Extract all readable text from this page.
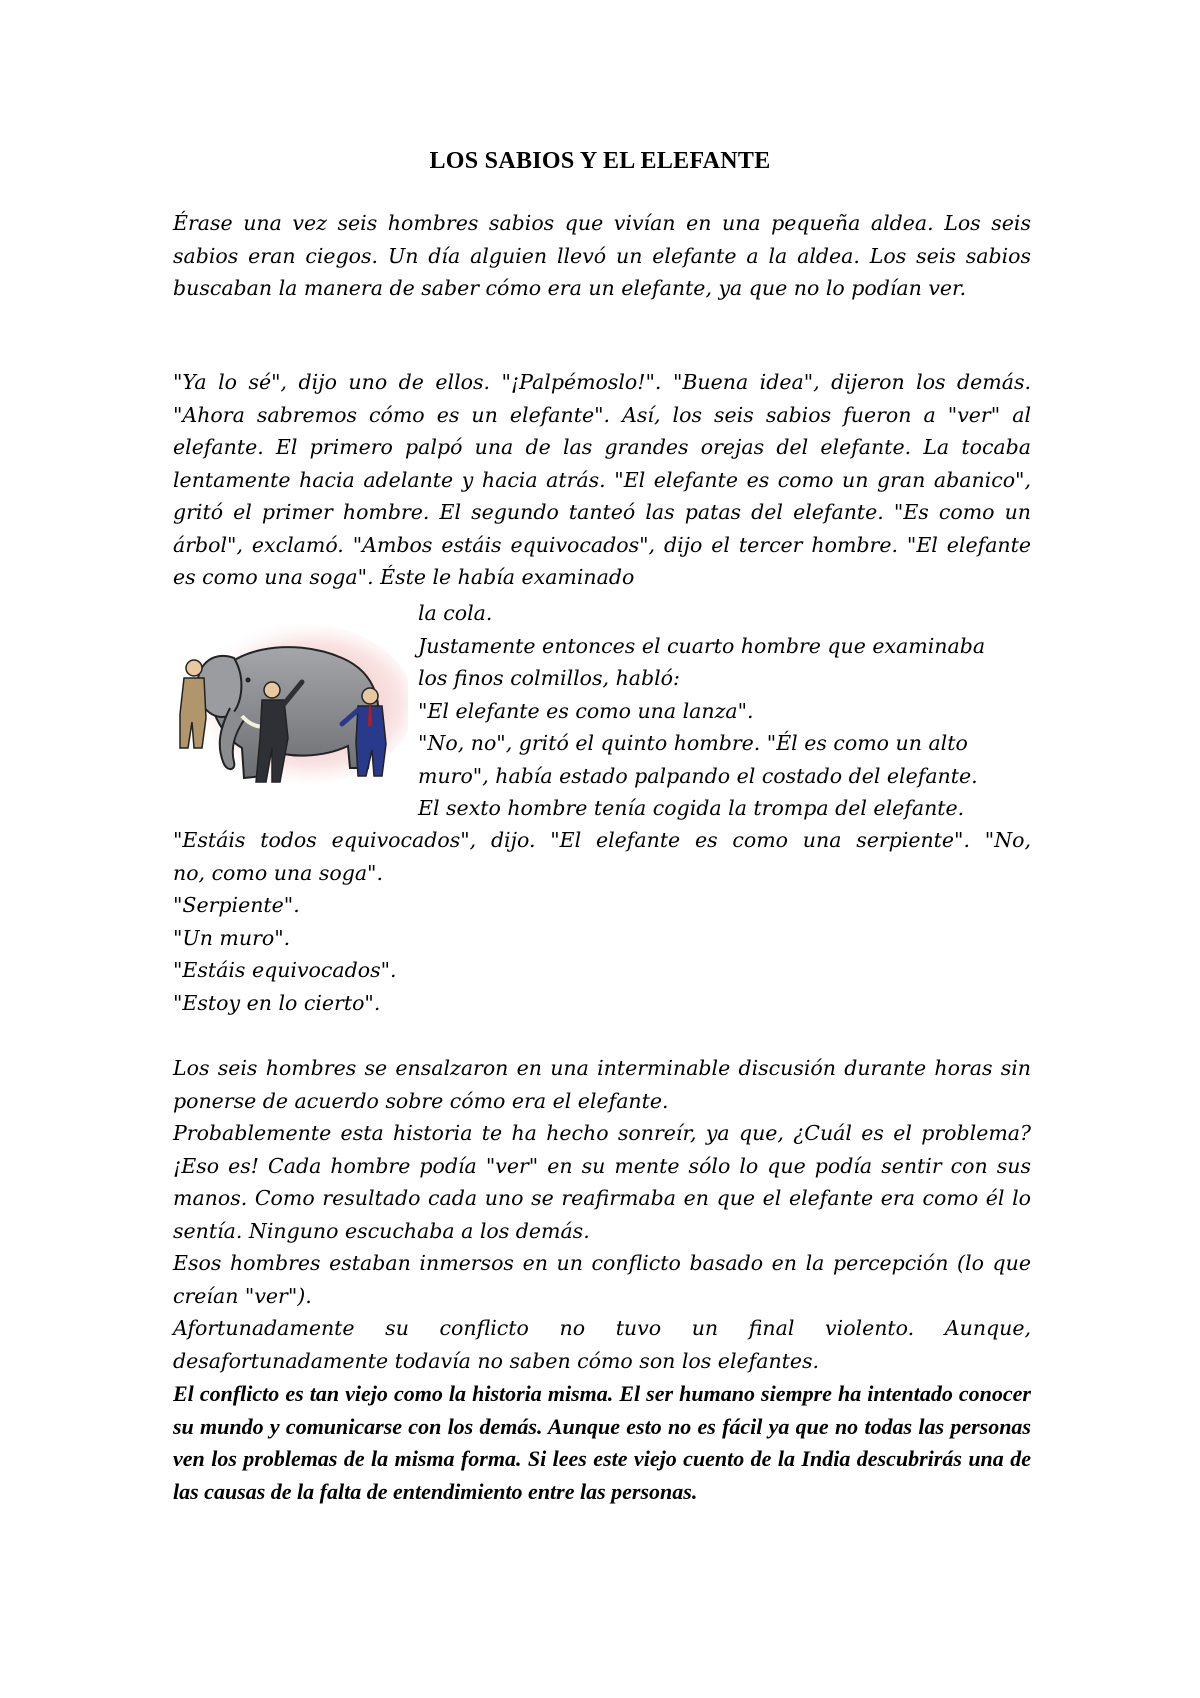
LOS SABIOS Y EL ELEFANTE

Érase una vez seis hombres sabios que vivían en una pequeña aldea. Los seis sabios eran ciegos. Un día alguien llevó un elefante a la aldea. Los seis sabios buscaban la manera de saber cómo era un elefante, ya que no lo podían ver.

"Ya lo sé", dijo uno de ellos. "¡Palpémoslo!". "Buena idea", dijeron los demás. "Ahora sabremos cómo es un elefante". Así, los seis sabios fueron a "ver" al elefante. El primero palpó una de las grandes orejas del elefante. La tocaba lentamente hacia adelante y hacia atrás. "El elefante es como un gran abanico", gritó el primer hombre. El segundo tanteó las patas del elefante. "Es como un árbol", exclamó. "Ambos estáis equivocados", dijo el tercer hombre. "El elefante es como una soga". Éste le había examinado

la cola.
Justamente entonces el cuarto hombre que examinaba
los finos colmillos, habló:
"El elefante es como una lanza".
"No, no", gritó el quinto hombre. "Él es como un alto
muro", había estado palpando el costado del elefante.
El sexto hombre tenía cogida la trompa del elefante.
"Estáis todos equivocados", dijo. "El elefante es como una serpiente". "No,
no, como una soga".
"Serpiente".
"Un muro".
"Estáis equivocados".
"Estoy en lo cierto".

Los seis hombres se ensalzaron en una interminable discusión durante horas sin ponerse de acuerdo sobre cómo era el elefante.

Probablemente esta historia te ha hecho sonreír, ya que, ¿Cuál es el problema? ¡Eso es! Cada hombre podía "ver" en su mente sólo lo que podía sentir con sus manos. Como resultado cada uno se reafirmaba en que el elefante era como él lo sentía. Ninguno escuchaba a los demás.

Esos hombres estaban inmersos en un conflicto basado en la percepción (lo que creían "ver").

Afortunadamente su conflicto no tuvo un final violento. Aunque, desafortunadamente todavía no saben cómo son los elefantes.

El conflicto es tan viejo como la historia misma. El ser humano siempre ha intentado conocer su mundo y comunicarse con los demás. Aunque esto no es fácil ya que no todas las personas ven los problemas de la misma forma. Si lees este viejo cuento de la India descubrirás una de las causas de la falta de entendimiento entre las personas.
